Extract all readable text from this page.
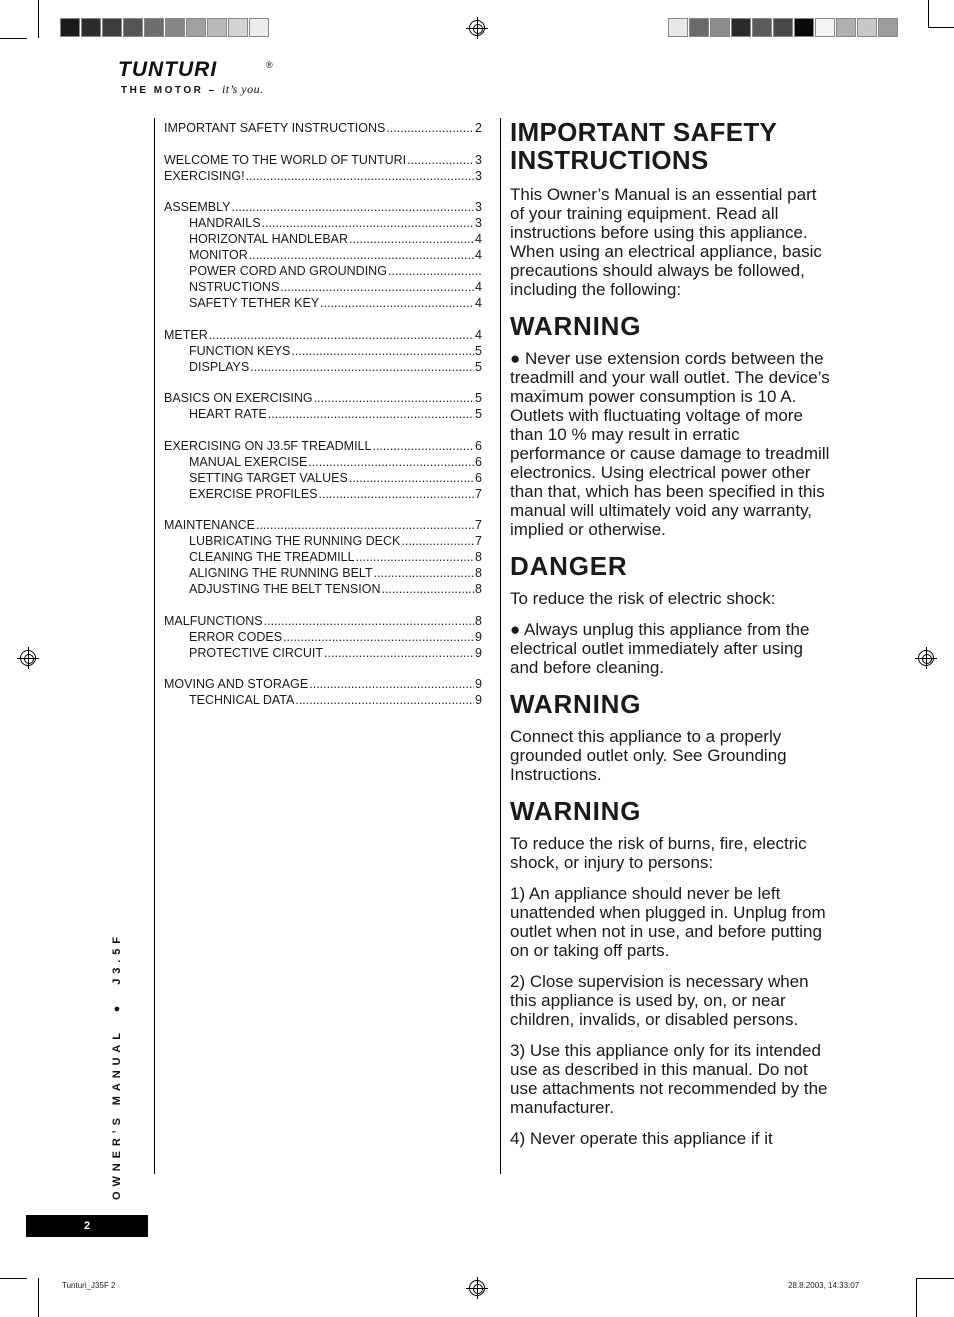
TUNTURI	®
THE MOTOR – it’s you.
IMPORTANT SAFETY INSTRUCTIONS .....	2
WELCOME TO THE WORLD OF TUNTURI .....	3
EXERCISING! .....	3
ASSEMBLY .....	3
HANDRAILS .....	3
HORIZONTAL HANDLEBAR .....	4
MONITOR .....	4
POWER CORD AND GROUNDING
.....
NSTRUCTIONS .....	4
SAFETY TETHER KEY .....	4
METER .....	4
FUNCTION KEYS .....	5
DISPLAYS .....	5
BASICS ON EXERCISING .....	5
HEART RATE .....	5
EXERCISING ON J3.5F TREADMILL .....	6
MANUAL EXERCISE .....	6
SETTING TARGET VALUES .....	6
EXERCISE PROFILES .....	7
MAINTENANCE .....	7
LUBRICATING THE RUNNING DECK .....	7
CLEANING THE TREADMILL .....	8
ALIGNING THE RUNNING BELT .....	8
ADJUSTING THE BELT TENSION .....	8
MALFUNCTIONS .....	8
ERROR CODES .....	9
PROTECTIVE CIRCUIT .....	9
MOVING AND STORAGE .....	9
TECHNICAL DATA .....	9
IMPORTANT SAFETY INSTRUCTIONS

This Owner’s Manual is an essential part of your training equipment. Read all instructions before using this appliance. When using an electrical appliance, basic precautions should always be followed, including the following:

WARNING

● Never use extension cords between the treadmill and your wall outlet. The device’s maximum power consumption is 10 A. Outlets with fluctuating voltage of more than 10 % may result in erratic performance or cause damage to treadmill electronics. Using electrical power other than that, which has been specified in this manual will ultimately void any warranty, implied or otherwise.

DANGER

To reduce the risk of electric shock:

● Always unplug this appliance from the electrical outlet immediately after using and before cleaning.

WARNING

Connect this appliance to a properly grounded outlet only. See Grounding Instructions.

WARNING

To reduce the risk of burns, fire, electric shock, or injury to persons:

1) An appliance should never be left unattended when plugged in. Unplug from outlet when not in use, and before putting on or taking off parts.

2) Close supervision is necessary when this appliance is used by, on, or near children, invalids, or disabled persons.

3) Use this appliance only for its intended use as described in this manual. Do not use attachments not recommended by the manufacturer.

4) Never operate this appliance if it

OWNER’S MANUAL  ●  J3.5F
2
Tunturi_J35F 2	28.8.2003, 14:33:07
